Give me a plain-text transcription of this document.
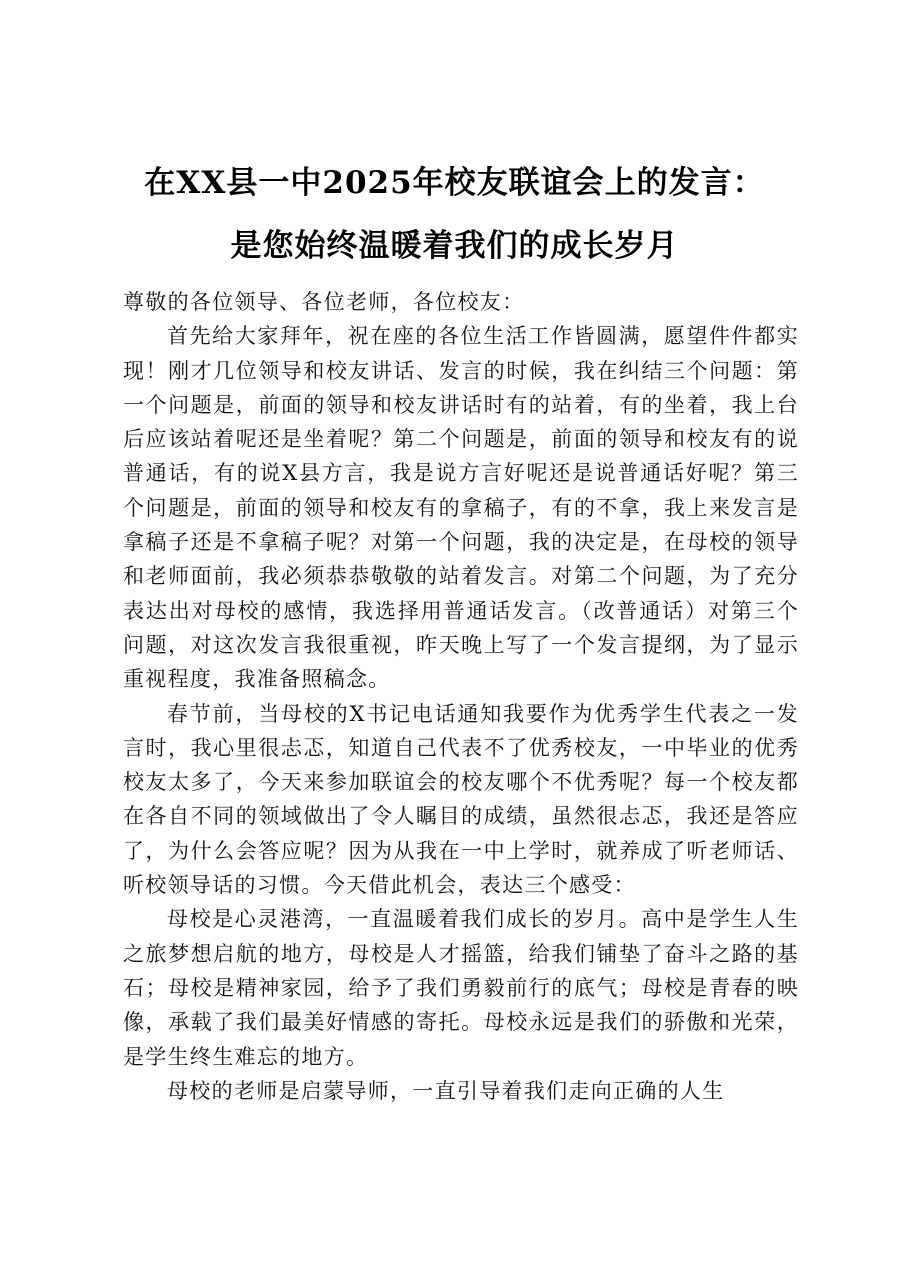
在XX县一中2025年校友联谊会上的发言：
是您始终温暖着我们的成长岁月

尊敬的各位领导、各位老师，各位校友：

首先给大家拜年，祝在座的各位生活工作皆圆满，愿望件件都实现！刚才几位领导和校友讲话、发言的时候，我在纠结三个问题：第一个问题是，前面的领导和校友讲话时有的站着，有的坐着，我上台后应该站着呢还是坐着呢？第二个问题是，前面的领导和校友有的说普通话，有的说X县方言，我是说方言好呢还是说普通话好呢？第三个问题是，前面的领导和校友有的拿稿子，有的不拿，我上来发言是拿稿子还是不拿稿子呢？对第一个问题，我的决定是，在母校的领导和老师面前，我必须恭恭敬敬的站着发言。对第二个问题，为了充分表达出对母校的感情，我选择用普通话发言。（改普通话）对第三个问题，对这次发言我很重视，昨天晚上写了一个发言提纲，为了显示重视程度，我准备照稿念。

春节前，当母校的X书记电话通知我要作为优秀学生代表之一发言时，我心里很忐忑，知道自己代表不了优秀校友，一中毕业的优秀校友太多了，今天来参加联谊会的校友哪个不优秀呢？每一个校友都在各自不同的领域做出了令人瞩目的成绩，虽然很忐忑，我还是答应了，为什么会答应呢？因为从我在一中上学时，就养成了听老师话、听校领导话的习惯。今天借此机会，表达三个感受：

母校是心灵港湾，一直温暖着我们成长的岁月。高中是学生人生之旅梦想启航的地方，母校是人才摇篮，给我们铺垫了奋斗之路的基石；母校是精神家园，给予了我们勇毅前行的底气；母校是青春的映像，承载了我们最美好情感的寄托。母校永远是我们的骄傲和光荣，是学生终生难忘的地方。

母校的老师是启蒙导师，一直引导着我们走向正确的人生
